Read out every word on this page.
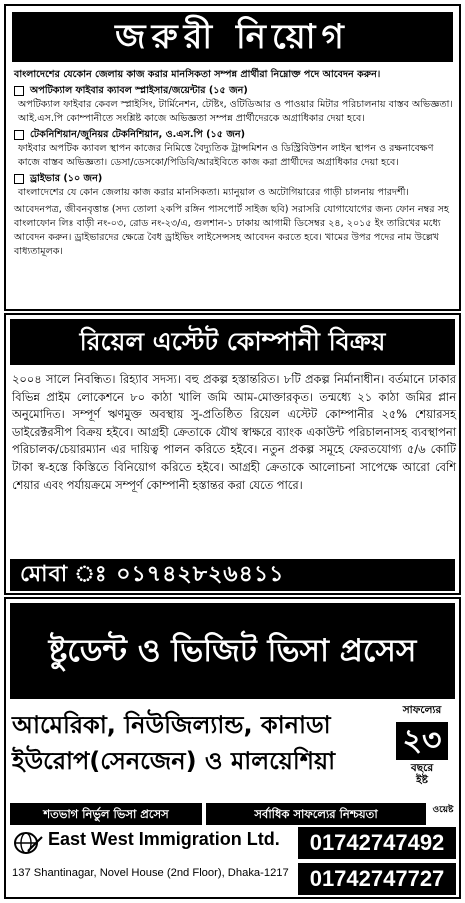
জরুরী নিয়োগ

বাংলাদেশের যেকোন জেলায় কাজ করার মানসিকতা সম্পন্ন প্রার্থীরা নিম্নোক্ত পদে আবেদন করুন।

অপটিক্যাল ফাইবার ক্যাবল স্প্লাইসার/জয়েন্টার (১৫ জন)

অপটিক্যাল ফাইবার কেবল স্প্লাইসিং, টার্মিনেশন, টেষ্টিং, ওটিডিআর ও পাওয়ার মিটার পরিচালনায় বাস্তব অভিজ্ঞতা। আই.এস.পি কোম্পানীতে সংশ্লিষ্ট কাজে অভিজ্ঞতা সম্পন্ন প্রার্থীদেরকে অগ্রাধিকার দেয়া হবে।

টেকনিশিয়ান/জুনিয়র টেকনিশিয়ান, ও.এস.পি (১৫ জন)

ফাইবার অপটিক ক্যাবল স্থাপন কাজের নিমিত্তে বৈদ্যুতিক ট্রান্সমিশন ও ডিস্ট্রিবিউশন লাইন স্থাপন ও রক্ষনাবেক্ষণ কাজে বাস্তব অভিজ্ঞতা। ডেসা/ডেসকো/পিডিবি/আরইবিতে কাজ করা প্রার্থীদের অগ্রাধিকার দেয়া হবে।

ড্রাইভার (১০ জন)

বাংলাদেশের যে কোন জেলায় কাজ করার মানসিকতা। ম্যানুয়াল ও অটোগিয়ারের গাড়ী চালনায় পারদর্শী।

আবেদনপত্র, জীবনবৃত্তান্ত (সদ্য তোলা ২কপি রঙ্গিন পাসপোর্ট সাইজ ছবি) সরাসরি যোগাযোগের জন্য ফোন নম্বর সহ বাংলাফোন লিঃ বাড়ী নং-০৩, রোড নং-২৩/এ, গুলশান-১ ঢাকায় আগামী ডিসেম্বর ২৪, ২০১৫ ইং তারিখের মধ্যে আবেদন করুন। ড্রাইভারদের ক্ষেত্রে বৈধ ড্রাইভিং লাইসেন্সসহ আবেদন করতে হবে। খামের উপর পদের নাম উল্লেখ বাধ্যতামূলক।

রিয়েল এস্টেট কোম্পানী বিক্রয়
২০০৪ সালে নিবন্ধিত। রিহ্যাব সদস্য। বহু প্রকল্প হস্তান্তরিত। ৮টি প্রকল্প নির্মানাধীন। বর্তমানে ঢাকার বিভিন্ন প্রাইম লোকেশনে ৮০ কাঠা খালি জমি আম-মোক্তারকৃত। তন্মধ্যে ২১ কাঠা জমির প্লান অনুমোদিত। সম্পূর্ণ ঋণমুক্ত অবস্থায় সু-প্রতিষ্ঠিত রিয়েল এস্টেট কোম্পানীর ২৫% শেয়ারসহ ডাইরেক্টরসীপ বিক্রয় হইবে। আগ্রহী ক্রেতাকে যৌথ স্বাক্ষরে ব্যাংক একাউন্ট পরিচালনাসহ ব্যবস্থাপনা পরিচালক/চেয়ারম্যান এর দায়িত্ব পালন করিতে হইবে। নতুন প্রকল্প সমূহে ফেরতযোগ্য ৫/৬ কোটি টাকা স্ব-হস্তে কিস্তিতে বিনিয়োগ করিতে হইবে। আগ্রহী ক্রেতাকে আলোচনা সাপেক্ষে আরো বেশি শেয়ার এবং পর্যায়ক্রমে সম্পূর্ণ কোম্পানী হস্তান্তর করা যেতে পারে।
মোবা ঃ ০১৭৪২৮২৬৪১১
ষ্টুডেন্ট ও ভিজিট ভিসা প্রসেস
আমেরিকা, নিউজিল্যান্ড, কানাডা
ইউরোপ(সেনজেন) ও মালয়েশিয়া
সাফল্যের
২৩
বছরে
ইষ্ট
শতভাগ নির্ভুল ভিসা প্রসেস	সর্বাধিক সাফল্যের নিশ্চয়তা	ওয়েষ্ট
East West Immigration Ltd.
137 Shantinagar, Novel House (2nd Floor), Dhaka-1217
01742747492
01742747727
